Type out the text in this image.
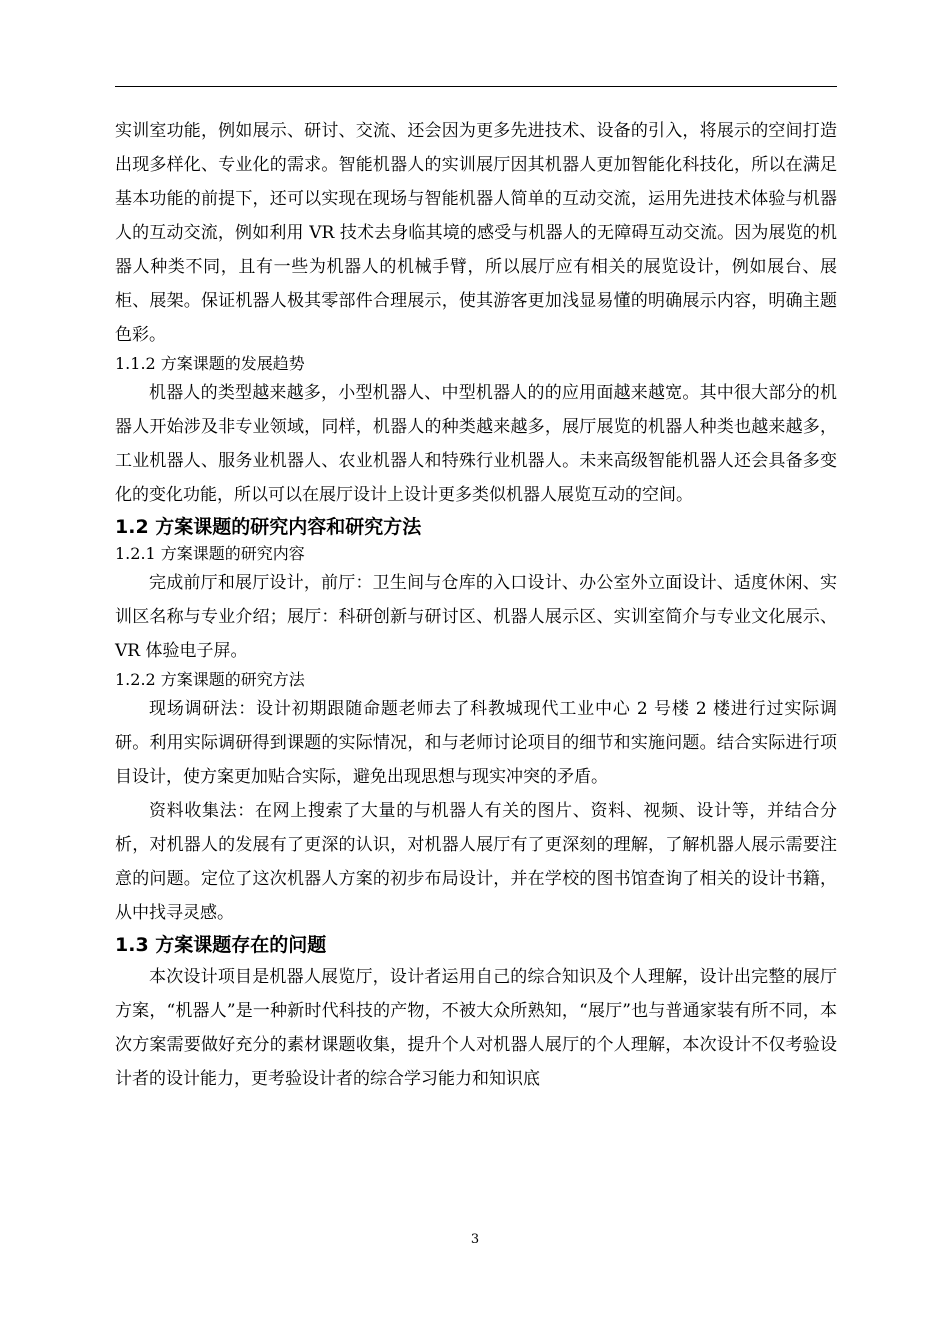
实训室功能，例如展示、研讨、交流、还会因为更多先进技术、设备的引入，将展示的空间打造出现多样化、专业化的需求。智能机器人的实训展厅因其机器人更加智能化科技化，所以在满足基本功能的前提下，还可以实现在现场与智能机器人简单的互动交流，运用先进技术体验与机器人的互动交流，例如利用 VR 技术去身临其境的感受与机器人的无障碍互动交流。因为展览的机器人种类不同，且有一些为机器人的机械手臂，所以展厅应有相关的展览设计，例如展台、展柜、展架。保证机器人极其零部件合理展示，使其游客更加浅显易懂的明确展示内容，明确主题色彩。

1.1.2 方案课题的发展趋势

机器人的类型越来越多，小型机器人、中型机器人的的应用面越来越宽。其中很大部分的机器人开始涉及非专业领域，同样，机器人的种类越来越多，展厅展览的机器人种类也越来越多，工业机器人、服务业机器人、农业机器人和特殊行业机器人。未来高级智能机器人还会具备多变化的变化功能，所以可以在展厅设计上设计更多类似机器人展览互动的空间。

1.2 方案课题的研究内容和研究方法

1.2.1 方案课题的研究内容

完成前厅和展厅设计，前厅：卫生间与仓库的入口设计、办公室外立面设计、适度休闲、实训区名称与专业介绍；展厅：科研创新与研讨区、机器人展示区、实训室简介与专业文化展示、VR 体验电子屏。

1.2.2 方案课题的研究方法

现场调研法：设计初期跟随命题老师去了科教城现代工业中心 2 号楼 2 楼进行过实际调研。利用实际调研得到课题的实际情况，和与老师讨论项目的细节和实施问题。结合实际进行项目设计，使方案更加贴合实际，避免出现思想与现实冲突的矛盾。

资料收集法：在网上搜索了大量的与机器人有关的图片、资料、视频、设计等，并结合分析，对机器人的发展有了更深的认识，对机器人展厅有了更深刻的理解，了解机器人展示需要注意的问题。定位了这次机器人方案的初步布局设计，并在学校的图书馆查询了相关的设计书籍，从中找寻灵感。

1.3 方案课题存在的问题

本次设计项目是机器人展览厅，设计者运用自己的综合知识及个人理解，设计出完整的展厅方案，“机器人”是一种新时代科技的产物，不被大众所熟知，“展厅”也与普通家装有所不同，本次方案需要做好充分的素材课题收集，提升个人对机器人展厅的个人理解，本次设计不仅考验设计者的设计能力，更考验设计者的综合学习能力和知识底

3
